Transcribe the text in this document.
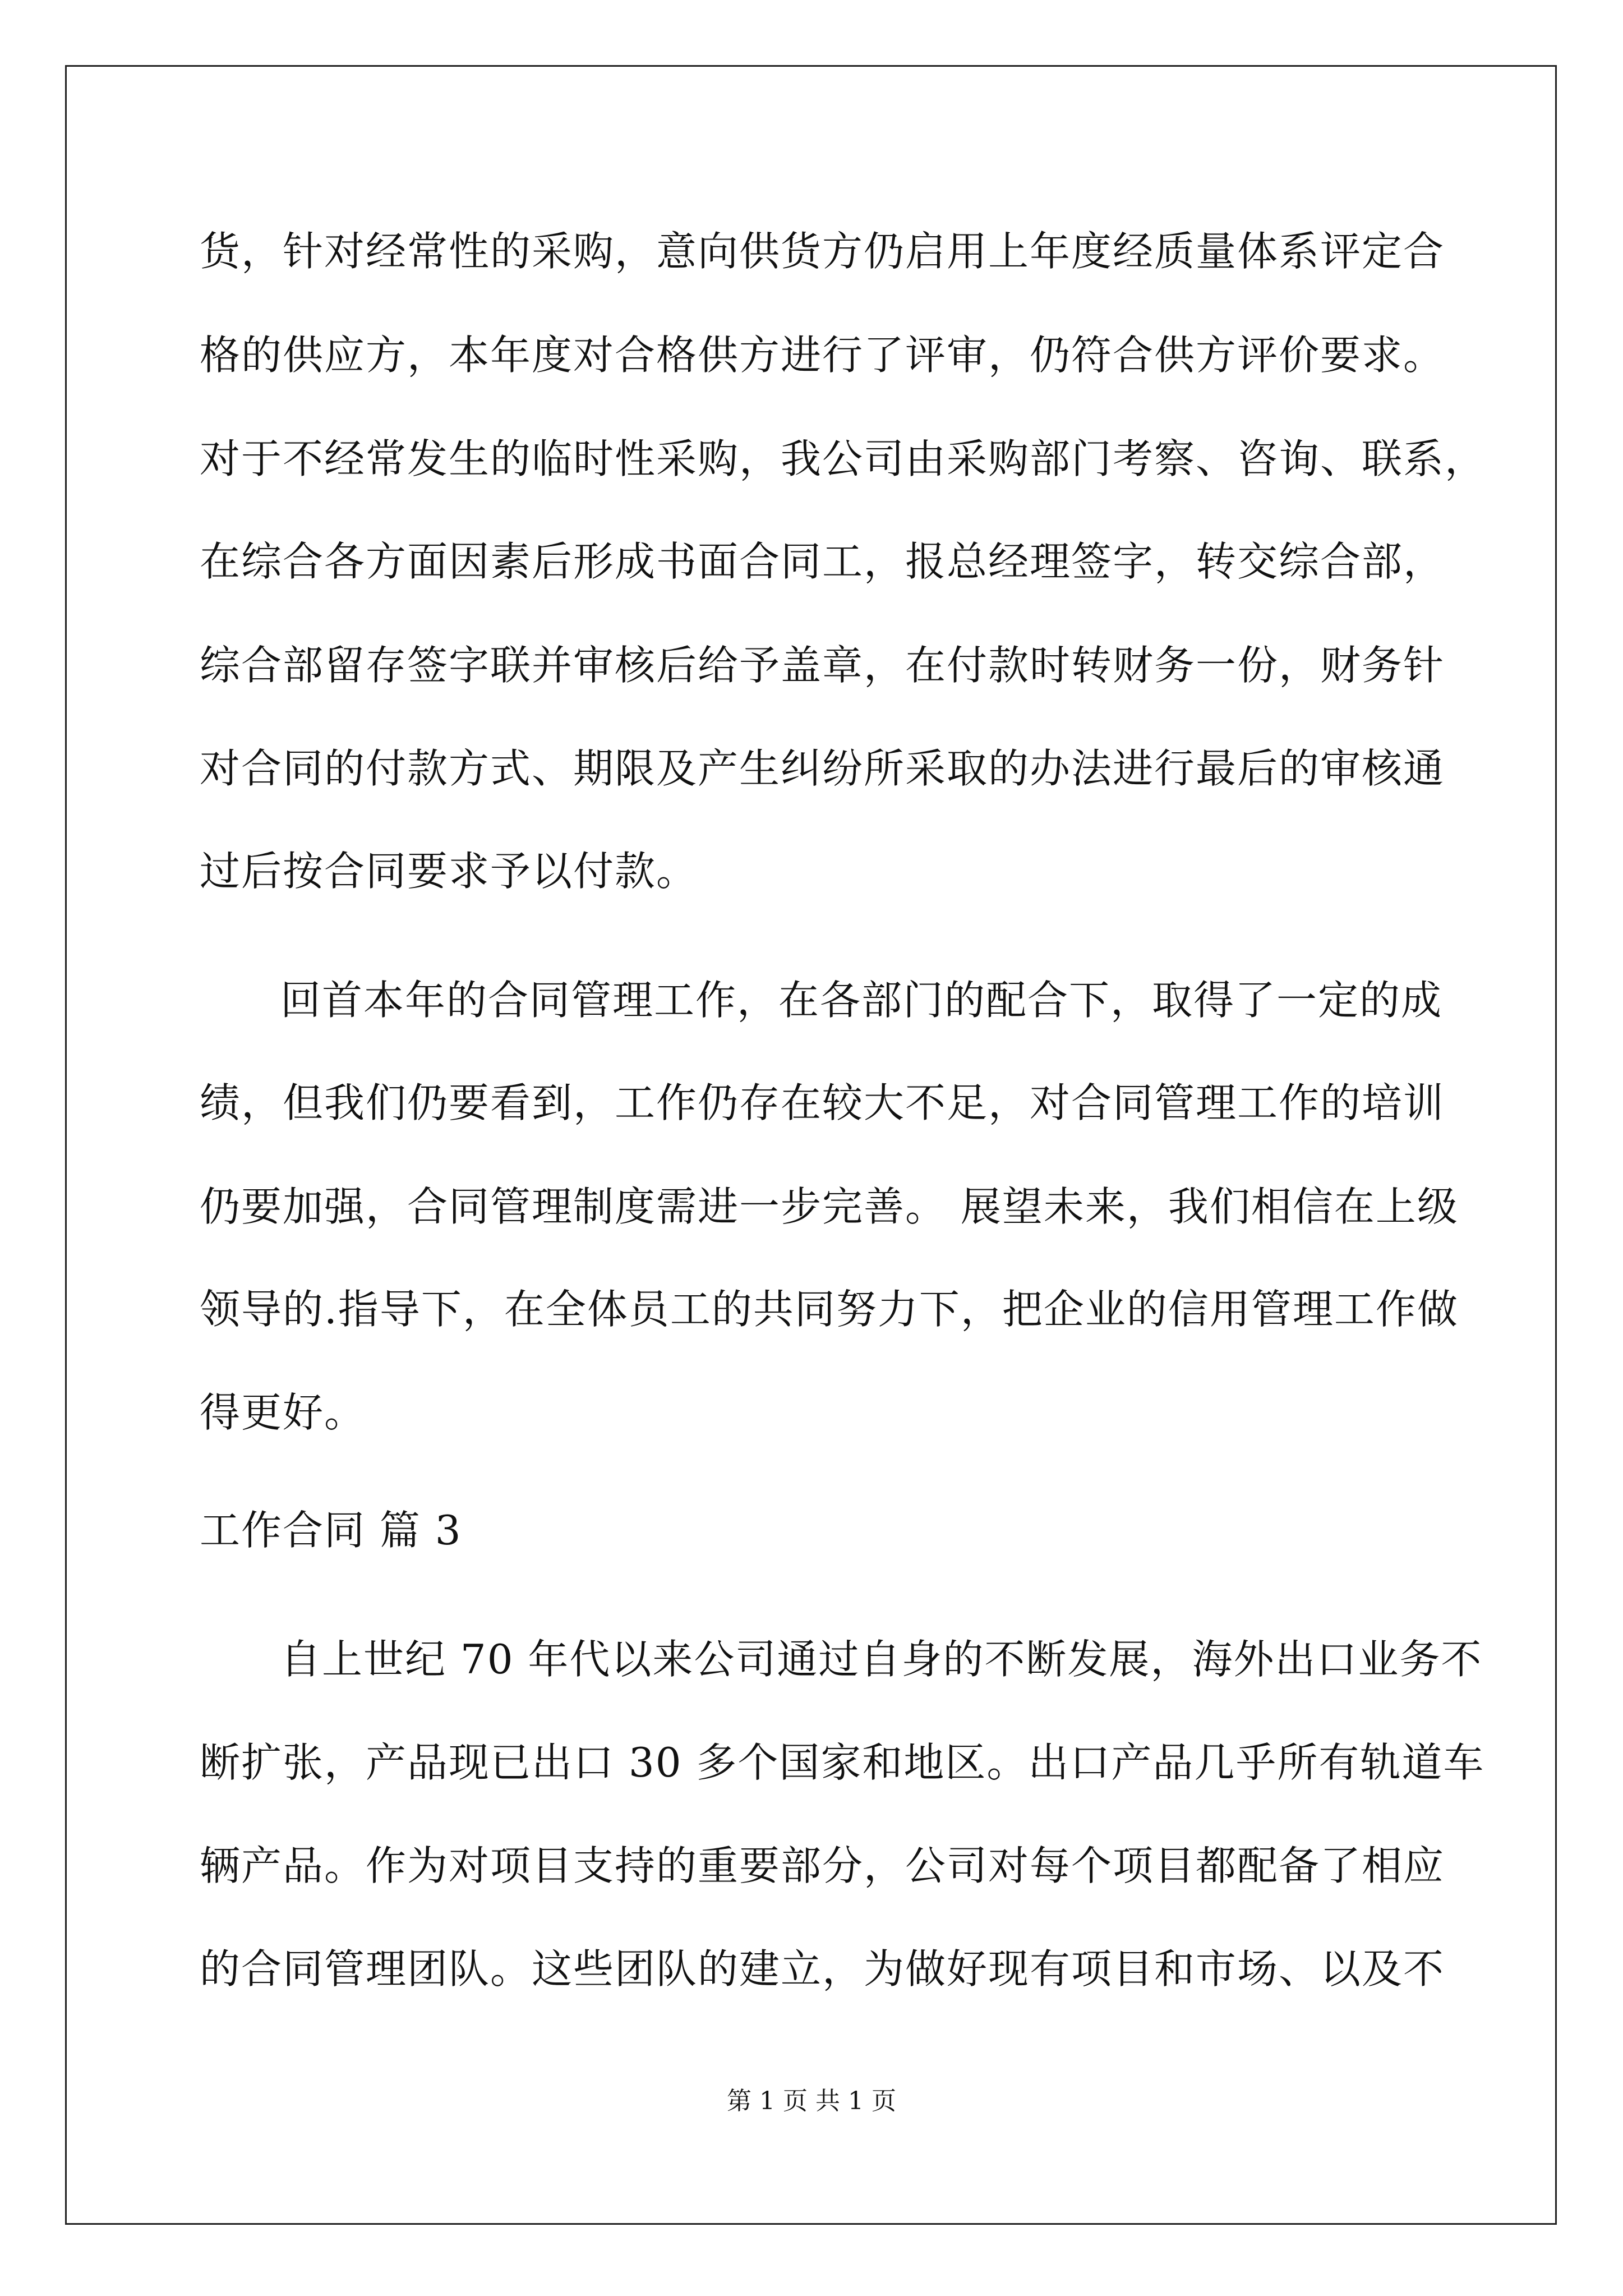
货，针对经常性的采购，意向供货方仍启用上年度经质量体系评定合
格的供应方，本年度对合格供方进行了评审，仍符合供方评价要求。
对于不经常发生的临时性采购，我公司由采购部门考察、咨询、联系，
在综合各方面因素后形成书面合同工，报总经理签字，转交综合部，
综合部留存签字联并审核后给予盖章，在付款时转财务一份，财务针
对合同的付款方式、期限及产生纠纷所采取的办法进行最后的审核通
过后按合同要求予以付款。
回首本年的合同管理工作，在各部门的配合下，取得了一定的成
绩，但我们仍要看到，工作仍存在较大不足，对合同管理工作的培训
仍要加强，合同管理制度需进一步完善。 展望未来，我们相信在上级
领导的.指导下，在全体员工的共同努力下，把企业的信用管理工作做
得更好。
工作合同 篇 3
自上世纪 70 年代以来公司通过自身的不断发展，海外出口业务不
断扩张，产品现已出口 30 多个国家和地区。出口产品几乎所有轨道车
辆产品。作为对项目支持的重要部分，公司对每个项目都配备了相应
的合同管理团队。这些团队的建立，为做好现有项目和市场、以及不
第 1 页 共 1 页
